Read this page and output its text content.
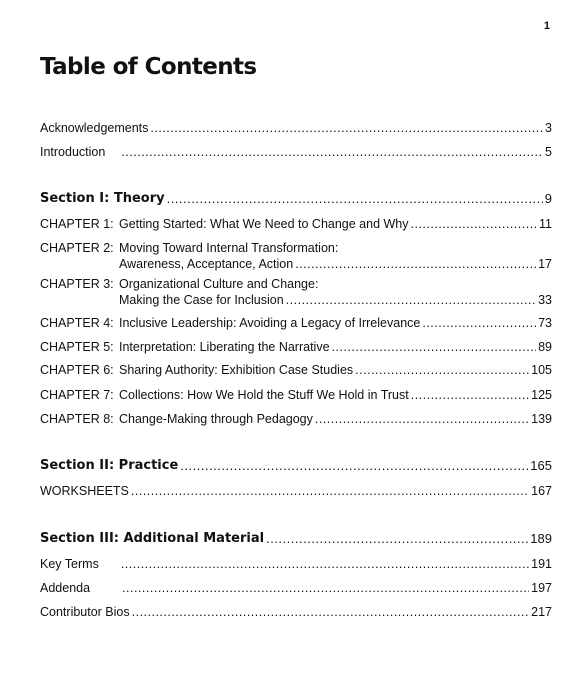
1
Table of Contents
Acknowledgements .....	3
Introduction .....	5
Section I: Theory .....	9
CHAPTER 1: Getting Started: What We Need to Change and Why .....	11
CHAPTER 2: Moving Toward Internal Transformation:
Awareness, Acceptance, Action .....	17
CHAPTER 3: Organizational Culture and Change:
Making the Case for Inclusion .....	33
CHAPTER 4: Inclusive Leadership: Avoiding a Legacy of Irrelevance .....	73
CHAPTER 5: Interpretation: Liberating the Narrative .....	89
CHAPTER 6: Sharing Authority: Exhibition Case Studies .....	105
CHAPTER 7: Collections: How We Hold the Stuff We Hold in Trust .....	125
CHAPTER 8: Change-Making through Pedagogy .....	139
Section II: Practice .....	165
WORKSHEETS .....	167
Section III: Additional Material .....	189
Key Terms .....	191
Addenda .....	197
Contributor Bios .....	217
